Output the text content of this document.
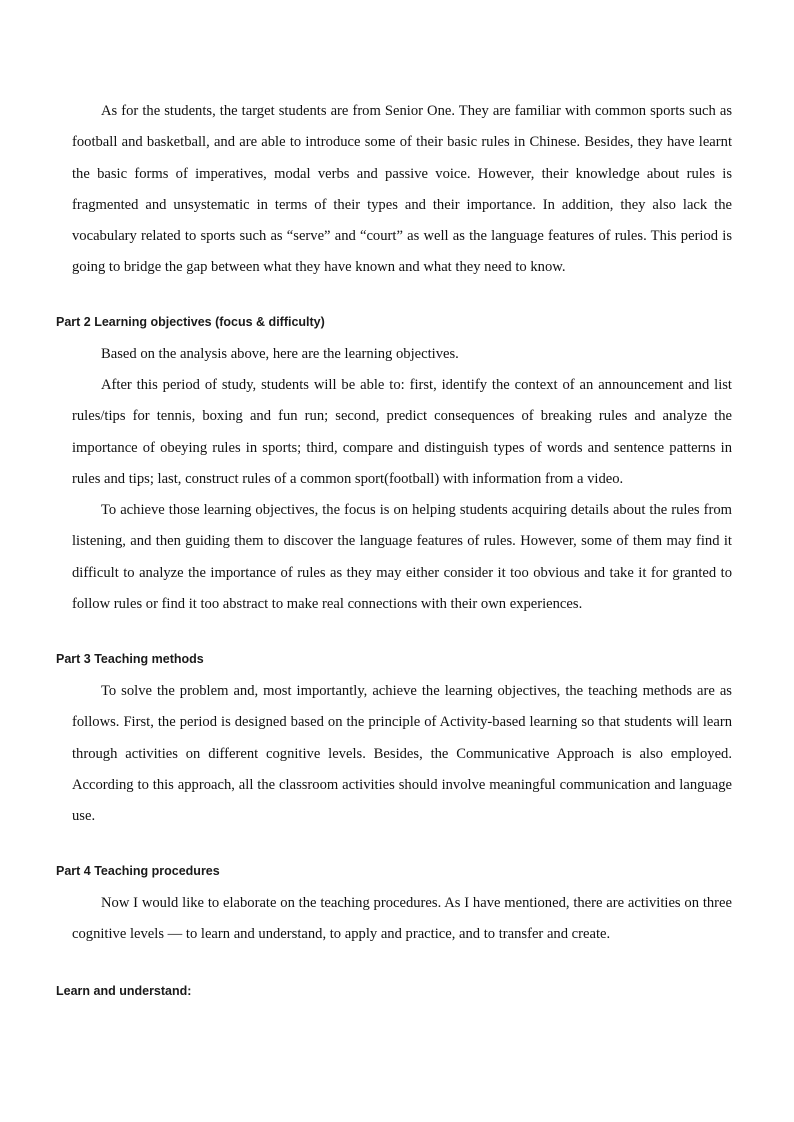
As for the students, the target students are from Senior One. They are familiar with common sports such as football and basketball, and are able to introduce some of their basic rules in Chinese. Besides, they have learnt the basic forms of imperatives, modal verbs and passive voice. However, their knowledge about rules is fragmented and unsystematic in terms of their types and their importance. In addition, they also lack the vocabulary related to sports such as “serve” and “court” as well as the language features of rules. This period is going to bridge the gap between what they have known and what they need to know.

Part 2 Learning objectives (focus & difficulty)

Based on the analysis above, here are the learning objectives.

After this period of study, students will be able to: first, identify the context of an announcement and list rules/tips for tennis, boxing and fun run; second, predict consequences of breaking rules and analyze the importance of obeying rules in sports; third, compare and distinguish types of words and sentence patterns in rules and tips; last, construct rules of a common sport(football) with information from a video.

To achieve those learning objectives, the focus is on helping students acquiring details about the rules from listening, and then guiding them to discover the language features of rules. However, some of them may find it difficult to analyze the importance of rules as they may either consider it too obvious and take it for granted to follow rules or find it too abstract to make real connections with their own experiences.

Part 3 Teaching methods

To solve the problem and, most importantly, achieve the learning objectives, the teaching methods are as follows. First, the period is designed based on the principle of Activity-based learning so that students will learn through activities on different cognitive levels. Besides, the Communicative Approach is also employed. According to this approach, all the classroom activities should involve meaningful communication and language use.

Part 4 Teaching procedures

Now I would like to elaborate on the teaching procedures. As I have mentioned, there are activities on three cognitive levels — to learn and understand, to apply and practice, and to transfer and create.

Learn and understand:
